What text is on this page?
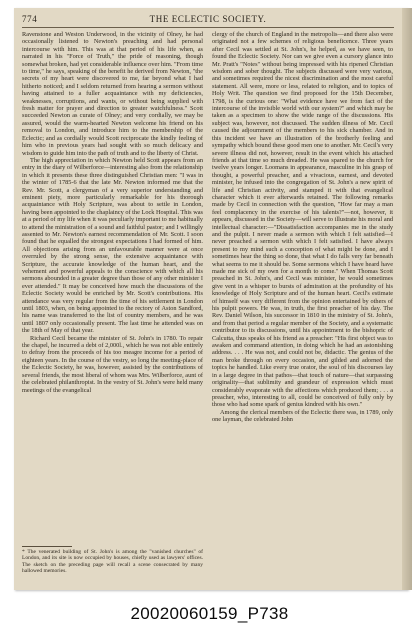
774	THE ECLECTIC SOCIETY.

Ravenstone and Weston Underwood, in the vicinity of Olney, he had occasionally listened to Newton's preaching and had personal intercourse with him. This was at that period of his life when, as narrated in his "Force of Truth," the pride of reasoning, though somewhat broken, had yet considerable influence over him. "From time to time," he says, speaking of the benefit he derived from Newton, "the secrets of my heart were discovered to me, far beyond what I had hitherto noticed; and I seldom returned from hearing a sermon without having attained to a fuller acquaintance with my deficiencies, weaknesses, corruptions, and wants, or without being supplied with fresh matter for prayer and direction to greater watchfulness." Scott succeeded Newton as curate of Olney; and very cordially, we may be assured, would the warm-hearted Newton welcome his friend on his removal to London, and introduce him to the membership of the Eclectic; and as cordially would Scott reciprocate the kindly feeling of him who in previous years had sought with so much delicacy and wisdom to guide him into the path of truth and to the liberty of Christ.

The high appreciation in which Newton held Scott appears from an entry in the diary of Wilberforce—interesting also from the relationship in which it presents these three distinguished Christian men: "I was in the winter of 1785-6 that the late Mr. Newton informed me that the Rev. Mr. Scott, a clergyman of a very superior understanding and eminent piety, more particularly remarkable for his thorough acquaintance with Holy Scripture, was about to settle in London, having been appointed to the chaplaincy of the Lock Hospital. This was at a period of my life when it was peculiarly important to me habitually to attend the ministration of a sound and faithful pastor; and I willingly assented to Mr. Newton's earnest recommendation of Mr. Scott. I soon found that he equalled the strongest expectations I had formed of him. All objections arising from an unfavourable manner were at once overruled by the strong sense, the extensive acquaintance with Scripture, the accurate knowledge of the human heart, and the vehement and powerful appeals to the conscience with which all his sermons abounded in a greater degree than those of any other minister I ever attended." It may be conceived how much the discussions of the Eclectic Society would be enriched by Mr. Scott's contributions. His attendance was very regular from the time of his settlement in London until 1803, when, on being appointed to the rectory of Aston Sandford, his name was transferred to the list of country members, and he was until 1807 only occasionally present. The last time he attended was on the 18th of May of that year.

Richard Cecil became the minister of St. John's in 1780. To repair the chapel, he incurred a debt of 2,000l., which he was not able entirely to defray from the proceeds of his too meagre income for a period of eighteen years. In the course of the vestry, so long the meeting-place of the Eclectic Society, he was, however, assisted by the contributions of several friends, the most liberal of whom was Mrs. Wilberforce, aunt of the celebrated philanthropist. In the vestry of St. John's were held many meetings of the evangelical

* The venerated building of St. John's is among the "vanished churches" of London, and its site is now occupied by houses, chiefly used as lawyers' offices. The sketch on the preceding page will recall a scene consecrated by many hallowed memories.

clergy of the church of England in the metropolis—and there also were originated not a few schemes of religious beneficence. Three years after Cecil was settled at St. John's, he helped, as we have seen, to found the Eclectic Society. Nor can we give even a cursory glance into Mr. Pratt's "Notes" without being impressed with his ripened Christian wisdom and sober thought. The subjects discussed were very various, and sometimes required the nicest discrimination and the most careful statement. All were, more or less, related to religion, and to topics of Holy Writ. The question we find proposed for the 15th December, 1798, is the curious one: "What evidence have we from fact of the intercourse of the invisible world with our system?" and which may be taken as a specimen to show the wide range of the discussions. His subject was, however, not discussed. The sudden illness of Mr. Cecil caused the adjournment of the members to his sick chamber. And in this incident we have an illustration of the brotherly feeling and sympathy which bound these good men one to another. Mr. Cecil's very severe illness did not, however, result in the event which his attached friends at that time so much dreaded. He was spared to the church for twelve years longer. Loomans in appearance, masculine in his grasp of thought, a powerful preacher, and a vivacious, earnest, and devoted minister, he infused into the congregation of St. John's a new spirit of life and Christian activity, and stamped it with that evangelical character which it ever afterwards retained. The following remarks made by Cecil in connection with the question, "How far may a man feel complacency in the exercise of his talents?"—not, however, it appears, discussed in the Society—will serve to illustrate his moral and intellectual character:—"Dissatisfaction accompanies me in the study and the pulpit. I never made a sermon with which I felt satisfied—I never preached a sermon with which I felt satisfied. I have always present to my mind such a conception of what might be done, and I sometimes hear the thing so done, that what I do falls very far beneath what seems to me it should be. Some sermons which I have heard have made me sick of my own for a month to come." When Thomas Scott preached in St. John's, and Cecil was minister, he would sometimes give vent in a whisper to bursts of admiration at the profundity of his knowledge of Holy Scripture and of the human heart. Cecil's estimate of himself was very different from the opinion entertained by others of his pulpit powers. He was, in truth, the first preacher of his day. The Rev. Daniel Wilson, his successor in 1810 in the ministry of St. John's, and from that period a regular member of the Society, and a systematic contributor to its discussions, until his appointment to the bishopric of Calcutta, thus speaks of his friend as a preacher: "His first object was to awaken and command attention, in doing which he had an astonishing address. . . . He was not, and could not be, didactic. The genius of the man broke through on every occasion, and gilded and adorned the topics he handled. Like every true orator, the soul of his discourses lay in a large degree in that pathos—that touch of nature—that surpassing originality—that sublimity and grandeur of expression which must considerably evaporate with the affections which produced them; . . . a preacher, who, interesting to all, could be conceived of fully only by those who had some spark of genius kindred with his own."

Among the clerical members of the Eclectic there was, in 1789, only one layman, the celebrated John

20020060159_P738
